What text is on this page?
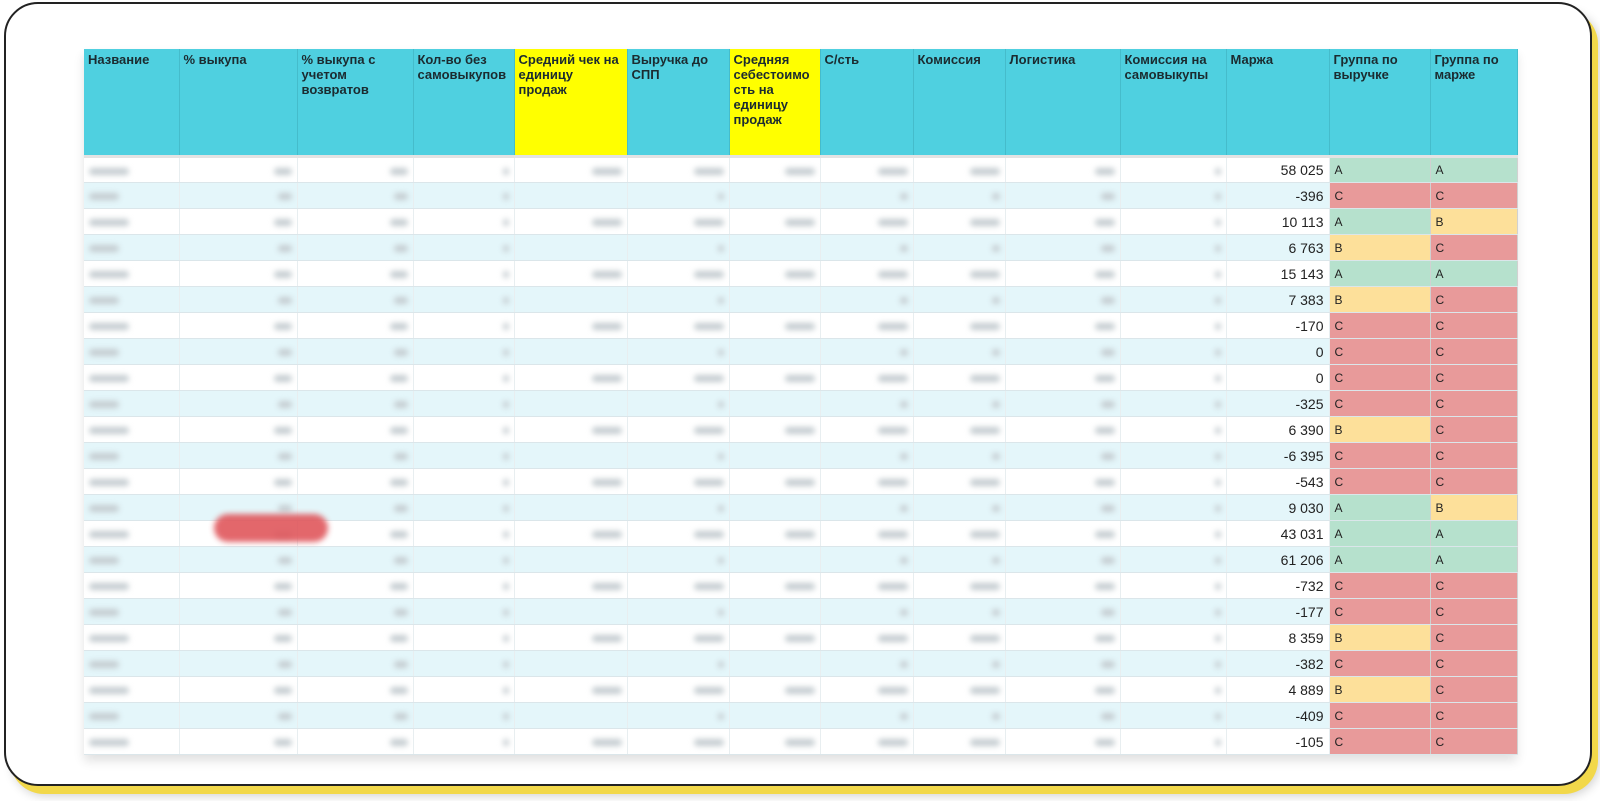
Название	% выкупа	% выкупа с учетом возвратов	Кол-во без самовыкупов	Средний чек на единицу продаж	Выручка до СПП	Средняя себестоимость на единицу продаж	С/сть	Комиссия	Логистика	Комиссия на самовыкупы	Маржа	Группа по выручке	Группа по марже
											58 025	A	A
											-396	C	C
											10 113	A	B
											6 763	B	C
											15 143	A	A
											7 383	B	C
											-170	C	C
											0	C	C
											0	C	C
											-325	C	C
											6 390	B	C
											-6 395	C	C
											-543	C	C
											9 030	A	B
											43 031	A	A
											61 206	A	A
											-732	C	C
											-177	C	C
											8 359	B	C
											-382	C	C
											4 889	B	C
											-409	C	C
											-105	C	C
